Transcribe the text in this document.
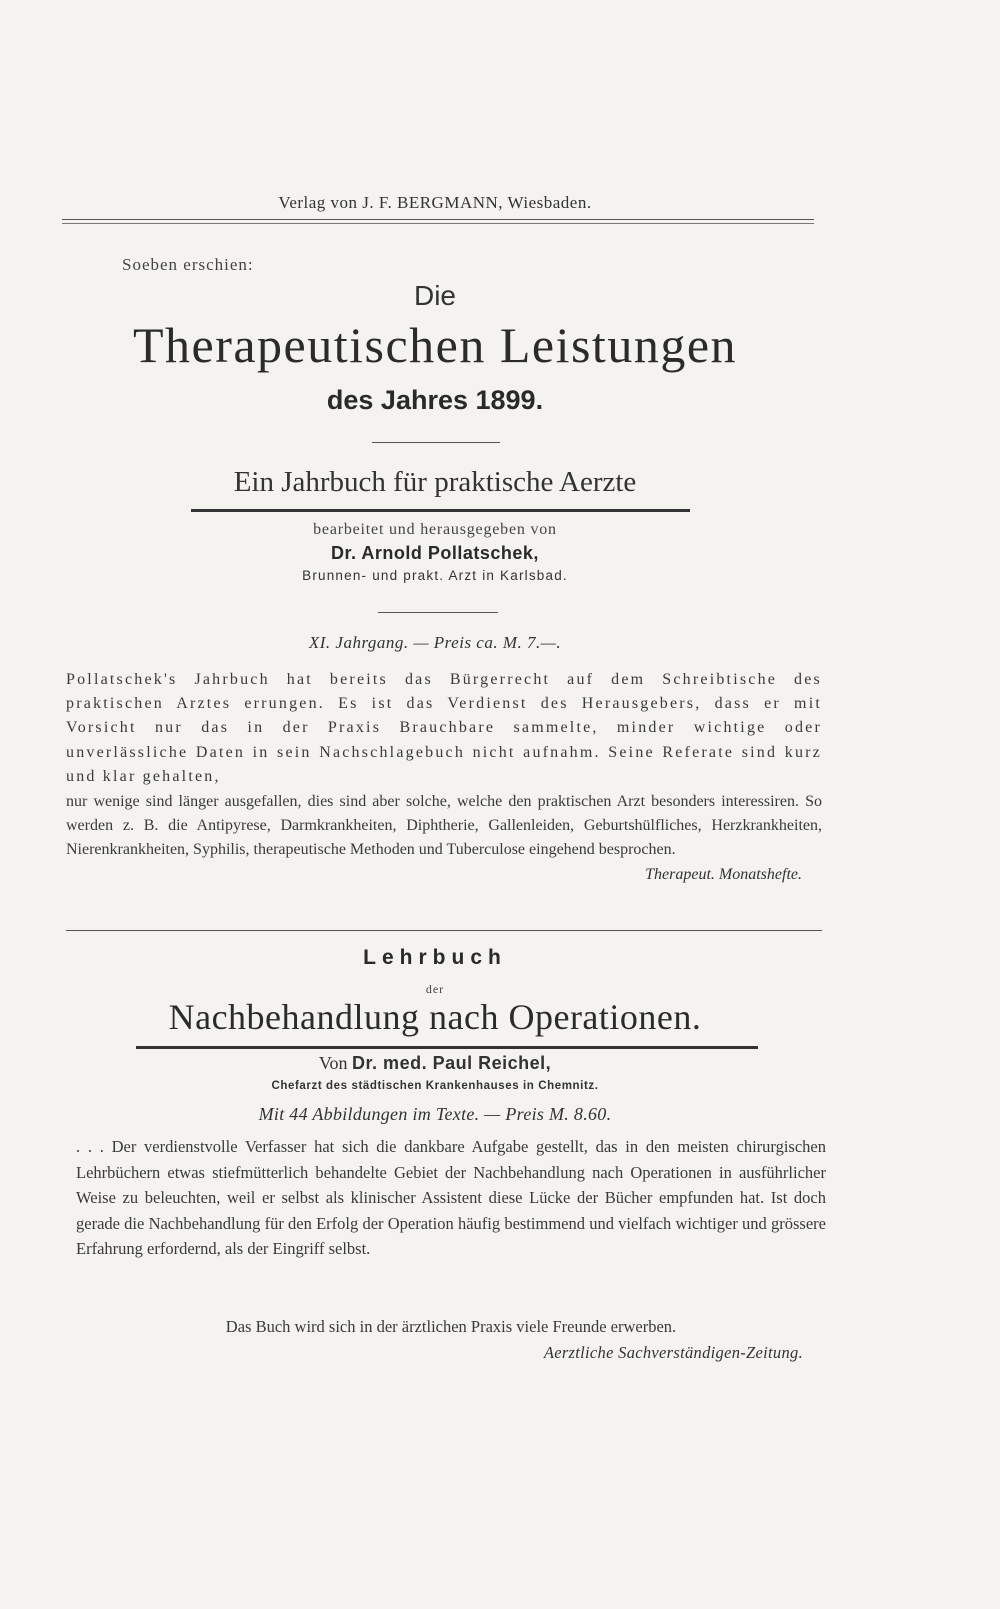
Verlag von J. F. BERGMANN, Wiesbaden.
Soeben erschien:
Die
Therapeutischen Leistungen
des Jahres 1899.
Ein Jahrbuch für praktische Aerzte
bearbeitet und herausgegeben von
Dr. Arnold Pollatschek,
Brunnen- und prakt. Arzt in Karlsbad.
XI. Jahrgang. — Preis ca. M. 7.—.
Pollatschek's Jahrbuch hat bereits das Bürgerrecht auf dem Schreibtische des praktischen Arztes errungen. Es ist das Verdienst des Herausgebers, dass er mit Vorsicht nur das in der Praxis Brauchbare sammelte, minder wichtige oder unverlässliche Daten in sein Nachschlagebuch nicht aufnahm. Seine Referate sind kurz und klar gehalten,
nur wenige sind länger ausgefallen, dies sind aber solche, welche den praktischen Arzt besonders interessiren. So werden z. B. die Antipyrese, Darmkrankheiten, Diphtherie, Gallenleiden, Geburtshülfliches, Herzkrankheiten, Nierenkrankheiten, Syphilis, therapeutische Methoden und Tuberculose eingehend besprochen.
Therapeut. Monatshefte.
Lehrbuch
der
Nachbehandlung nach Operationen.
Von Dr. med. Paul Reichel,
Chefarzt des städtischen Krankenhauses in Chemnitz.
Mit 44 Abbildungen im Texte. — Preis M. 8.60.
. . . Der verdienstvolle Verfasser hat sich die dankbare Aufgabe gestellt, das in den meisten chirurgischen Lehrbüchern etwas stiefmütterlich behandelte Gebiet der Nachbehandlung nach Operationen in ausführlicher Weise zu beleuchten, weil er selbst als klinischer Assistent diese Lücke der Bücher empfunden hat. Ist doch gerade die Nachbehandlung für den Erfolg der Operation häufig bestimmend und vielfach wichtiger und grössere Erfahrung erfordernd, als der Eingriff selbst.
Das Buch wird sich in der ärztlichen Praxis viele Freunde erwerben.
Aerztliche Sachverständigen-Zeitung.
